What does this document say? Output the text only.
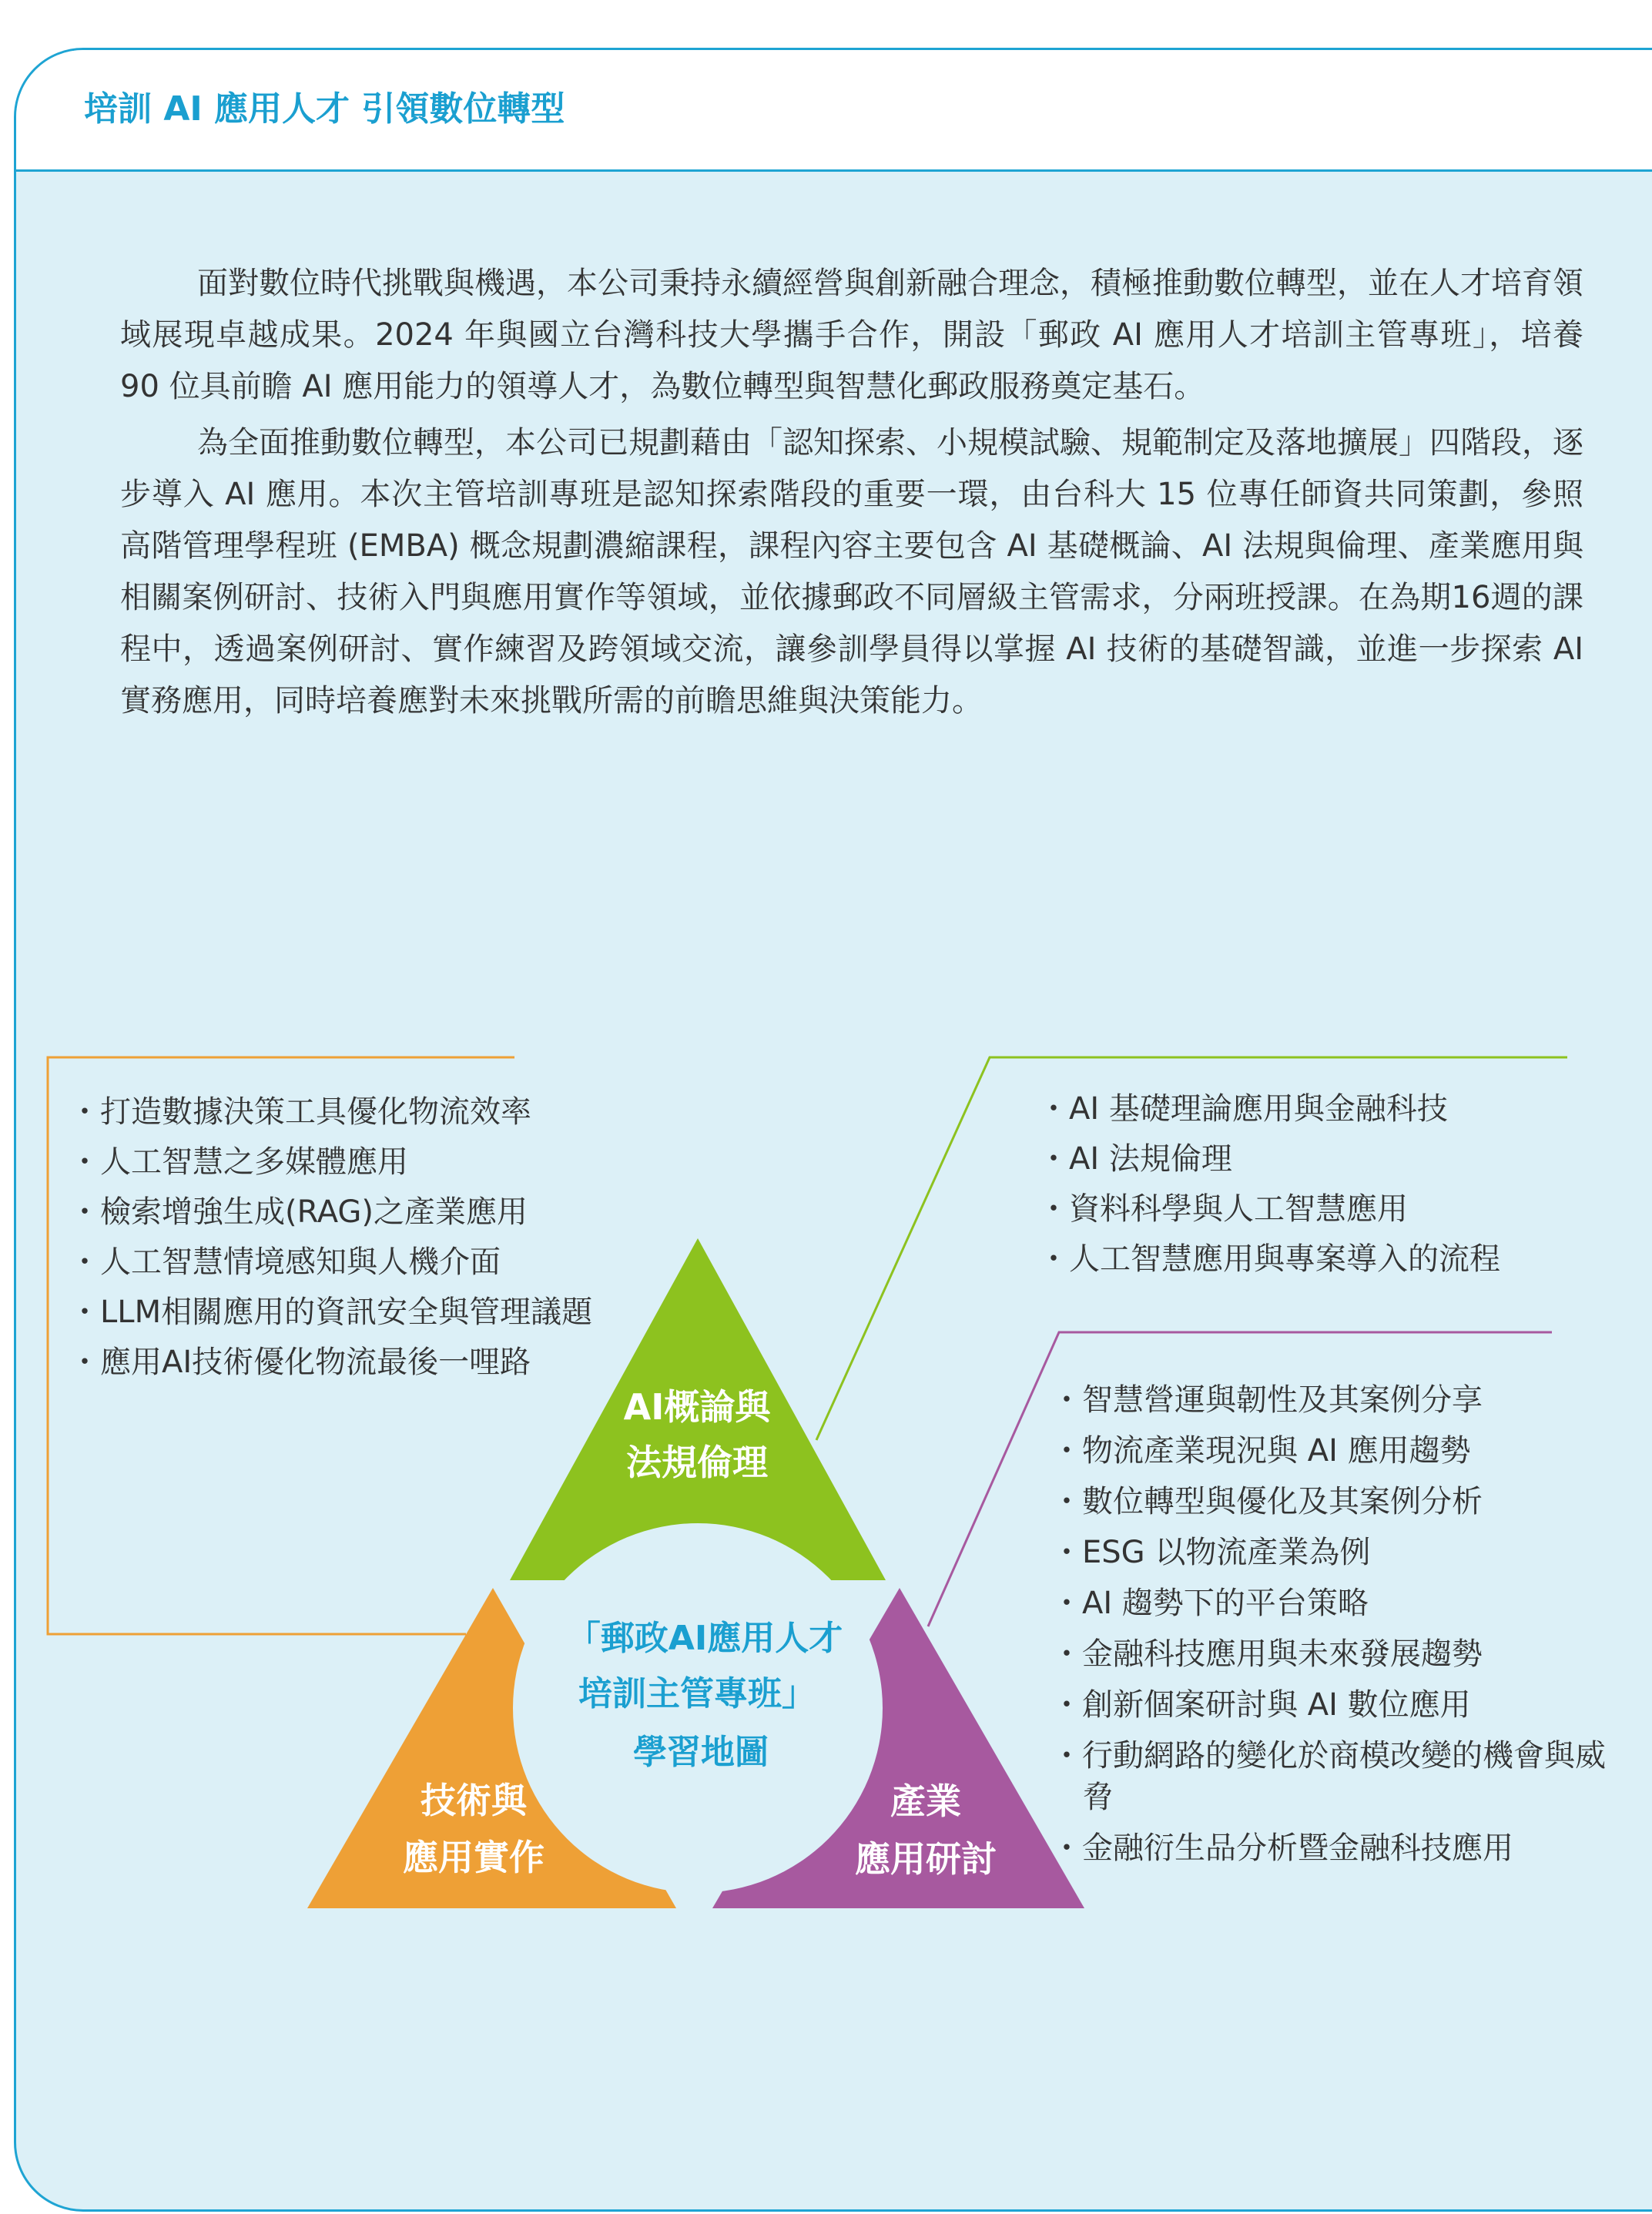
培訓 AI 應用人才 引領數位轉型

面對數位時代挑戰與機遇，本公司秉持永續經營與創新融合理念，積極推動數位轉型，並在人才培育領域展現卓越成果。2024 年與國立台灣科技大學攜手合作，開設「郵政 AI 應用人才培訓主管專班」，培養 90 位具前瞻 AI 應用能力的領導人才，為數位轉型與智慧化郵政服務奠定基石。

為全面推動數位轉型，本公司已規劃藉由「認知探索、小規模試驗、規範制定及落地擴展」四階段，逐步導入 AI 應用。本次主管培訓專班是認知探索階段的重要一環，由台科大 15 位專任師資共同策劃，參照高階管理學程班 (EMBA) 概念規劃濃縮課程，課程內容主要包含 AI 基礎概論、AI 法規與倫理、產業應用與相關案例研討、技術入門與應用實作等領域，並依據郵政不同層級主管需求，分兩班授課。在為期16週的課程中，透過案例研討、實作練習及跨領域交流，讓參訓學員得以掌握 AI 技術的基礎智識，並進一步探索 AI 實務應用，同時培養應對未來挑戰所需的前瞻思維與決策能力。

AI概論與
法規倫理
技術與
應用實作
產業
應用研討
「郵政AI應用人才
培訓主管專班」
學習地圖
・ 打造數據決策工具優化物流效率
・ 人工智慧之多媒體應用
・ 檢索增強生成(RAG)之產業應用
・ 人工智慧情境感知與人機介面
・ LLM相關應用的資訊安全與管理議題
・ 應用AI技術優化物流最後一哩路
・ AI 基礎理論應用與金融科技
・ AI 法規倫理
・ 資料科學與人工智慧應用
・ 人工智慧應用與專案導入的流程
・ 智慧營運與韌性及其案例分享
・ 物流產業現況與 AI 應用趨勢
・ 數位轉型與優化及其案例分析
・ ESG 以物流產業為例
・ AI 趨勢下的平台策略
・ 金融科技應用與未來發展趨勢
・ 創新個案研討與 AI 數位應用
・ 行動網路的變化於商模改變的機會與威脅
・ 金融衍生品分析暨金融科技應用
